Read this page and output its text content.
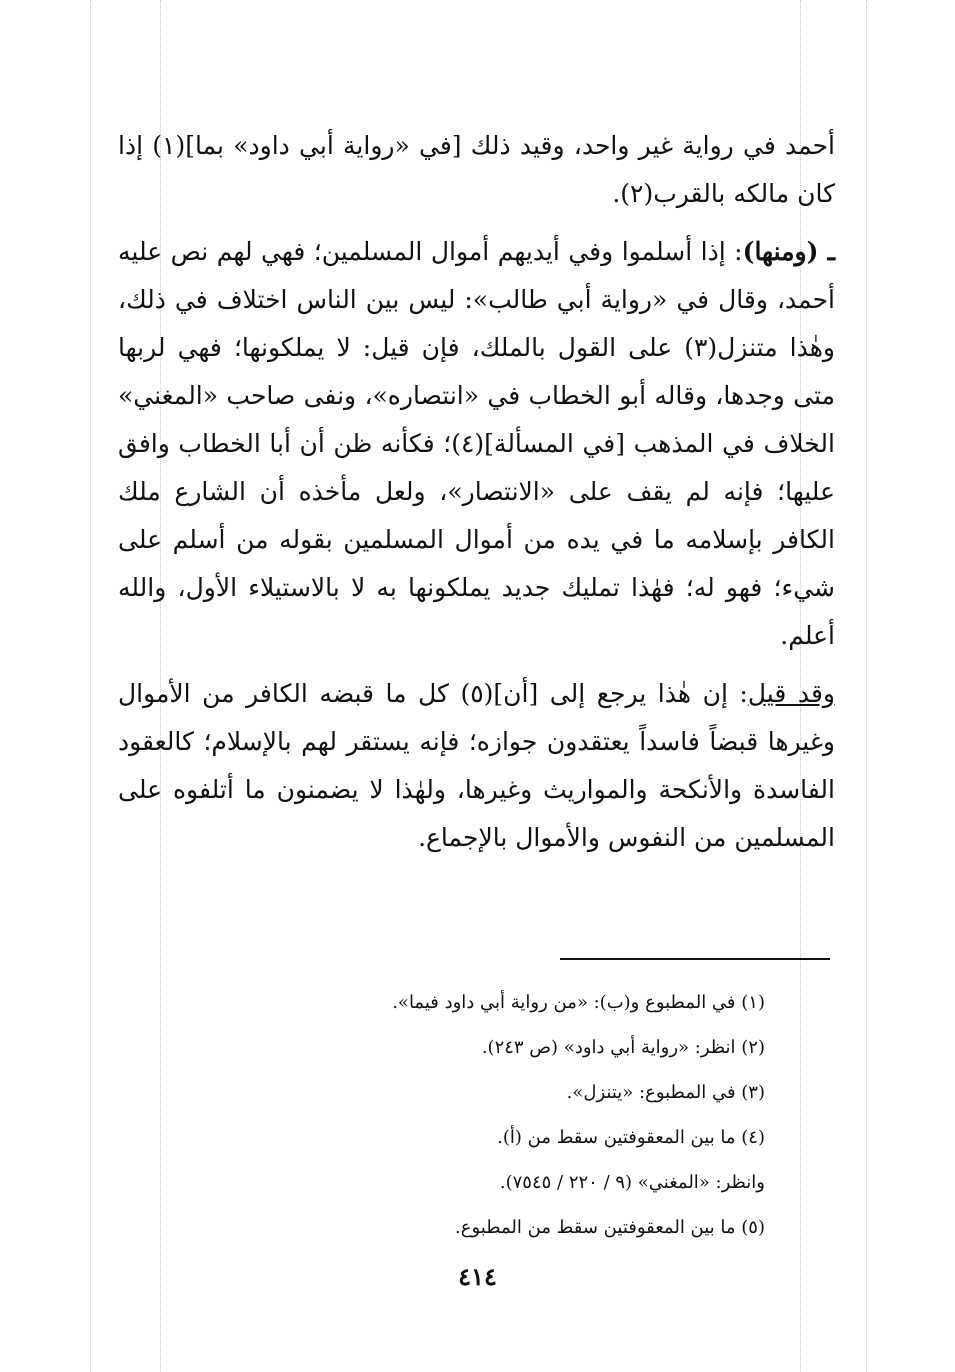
أحمد في رواية غير واحد، وقيد ذلك [في «رواية أبي داود» بما](١) إذا كان مالكه بالقرب(٢).

ـ (ومنها): إذا أسلموا وفي أيديهم أموال المسلمين؛ فهي لهم نص عليه أحمد، وقال في «رواية أبي طالب»: ليس بين الناس اختلاف في ذلك، وهٰذا متنزل(٣) على القول بالملك، فإن قيل: لا يملكونها؛ فهي لربها متى وجدها، وقاله أبو الخطاب في «انتصاره»، ونفى صاحب «المغني» الخلاف في المذهب [في المسألة](٤)؛ فكأنه ظن أن أبا الخطاب وافق عليها؛ فإنه لم يقف على «الانتصار»، ولعل مأخذه أن الشارع ملك الكافر بإسلامه ما في يده من أموال المسلمين بقوله من أسلم على شيء؛ فهو له؛ فهٰذا تمليك جديد يملكونها به لا بالاستيلاء الأول، والله أعلم.

وقد قيل: إن هٰذا يرجع إلى [أن](٥) كل ما قبضه الكافر من الأموال وغيرها قبضاً فاسداً يعتقدون جوازه؛ فإنه يستقر لهم بالإسلام؛ كالعقود الفاسدة والأنكحة والمواريث وغيرها، ولهٰذا لا يضمنون ما أتلفوه على المسلمين من النفوس والأموال بالإجماع.

(١) في المطبوع و(ب): «من رواية أبي داود فيما».
(٢) انظر: «رواية أبي داود» (ص ٢٤٣).
(٣) في المطبوع: «يتنزل».
(٤) ما بين المعقوفتين سقط من (أ).
وانظر: «المغني» (٩ / ٢٢٠ / ٧٥٤٥).
(٥) ما بين المعقوفتين سقط من المطبوع.
٤١٤
